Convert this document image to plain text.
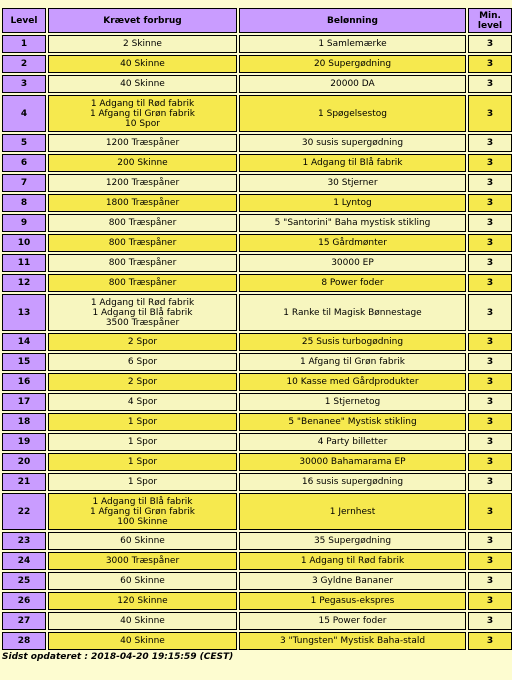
Level	Krævet forbrug	Belønning	Min.
level
1	2 Skinne	1 Samlemærke	3
2	40 Skinne	20 Supergødning	3
3	40 Skinne	20000 DA	3
4	1 Adgang til Rød fabrik
1 Afgang til Grøn fabrik
10 Spor	1 Spøgelsestog	3
5	1200 Træspåner	30 susis supergødning	3
6	200 Skinne	1 Adgang til Blå fabrik	3
7	1200 Træspåner	30 Stjerner	3
8	1800 Træspåner	1 Lyntog	3
9	800 Træspåner	5 "Santorini" Baha mystisk stikling	3
10	800 Træspåner	15 Gårdmønter	3
11	800 Træspåner	30000 EP	3
12	800 Træspåner	8 Power foder	3
13	1 Adgang til Rød fabrik
1 Adgang til Blå fabrik
3500 Træspåner	1 Ranke til Magisk Bønnestage	3
14	2 Spor	25 Susis turbogødning	3
15	6 Spor	1 Afgang til Grøn fabrik	3
16	2 Spor	10 Kasse med Gårdprodukter	3
17	4 Spor	1 Stjernetog	3
18	1 Spor	5 "Benanee" Mystisk stikling	3
19	1 Spor	4 Party billetter	3
20	1 Spor	30000 Bahamarama EP	3
21	1 Spor	16 susis supergødning	3
22	1 Adgang til Blå fabrik
1 Afgang til Grøn fabrik
100 Skinne	1 Jernhest	3
23	60 Skinne	35 Supergødning	3
24	3000 Træspåner	1 Adgang til Rød fabrik	3
25	60 Skinne	3 Gyldne Bananer	3
26	120 Skinne	1 Pegasus-ekspres	3
27	40 Skinne	15 Power foder	3
28	40 Skinne	3 "Tungsten" Mystisk Baha-stald	3
Sidst opdateret : 2018-04-20 19:15:59 (CEST)
